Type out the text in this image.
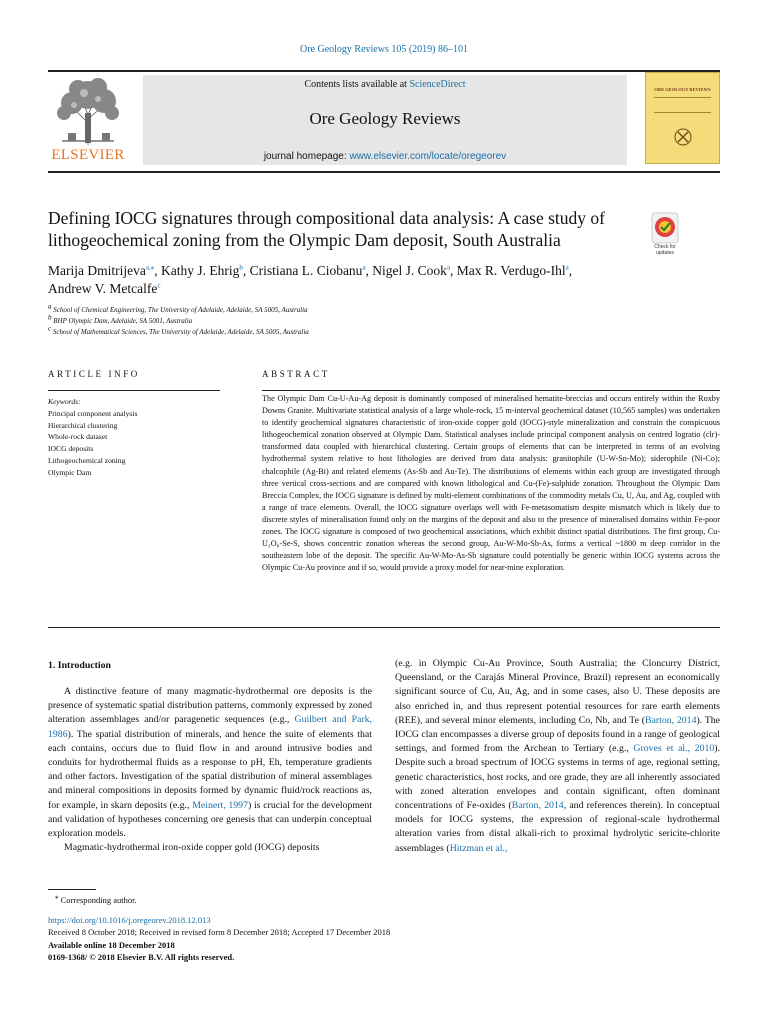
Ore Geology Reviews 105 (2019) 86–101
ELSEVIER
Contents lists available at ScienceDirect
Ore Geology Reviews
journal homepage: www.elsevier.com/locate/oregeorev
ORE GEOLOGY REVIEWS
Defining IOCG signatures through compositional data analysis: A case study of lithogeochemical zoning from the Olympic Dam deposit, South Australia	Check for updates
Marija Dmitrijeva$^{a,⁎}$, Kathy J. Ehrig$^b$, Cristiana L. Ciobanu$^a$, Nigel J. Cook$^a$, Max R. Verdugo-Ihl$^a$,
Andrew V. Metcalfe$^c$
$^a$ School of Chemical Engineering, The University of Adelaide, Adelaide, SA 5005, Australia
$^b$ BHP Olympic Dam, Adelaide, SA 5001, Australia
$^c$ School of Mathematical Sciences, The University of Adelaide, Adelaide, SA 5005, Australia
ARTICLE INFO	ABSTRACT
Keywords:
Principal component analysis
Hierarchical clustering
Whole-rock dataset
IOCG deposits
Lithogeochemical zoning
Olympic Dam
The Olympic Dam Cu-U-Au-Ag deposit is dominantly composed of mineralised hematite-breccias and occurs entirely within the Roxby Downs Granite. Multivariate statistical analysis of a large whole-rock, 15 m-interval geochemical dataset (10,565 samples) was undertaken to identify geochemical signatures characteristic of iron-oxide copper gold (IOCG)-style mineralization and constrain the conspicuous lithogeochemical zonation observed at Olympic Dam. Statistical analyses include principal component analysis on centred logratio (clr)-transformed data coupled with hierarchical clustering. Certain groups of elements that can be interpreted in terms of an evolving hydrothermal system relative to host lithologies are derived from data analysis: granitophile (U-W-Sn-Mo); siderophile (Ni-Co); chalcophile (Ag-Bi) and related elements (As-Sb and Au-Te). The distributions of elements within each group are investigated through three vertical cross-sections and are compared with known lithological and Cu-(Fe)-sulphide zonation. Throughout the Olympic Dam Breccia Complex, the IOCG signature is defined by multi-element combinations of the commodity metals Cu, U, Au, and Ag, coupled with a range of trace elements. Overall, the IOCG signature overlaps well with Fe-metasomatism despite mismatch which is likely due to discrete styles of mineralisation found only on the margins of the deposit and also to the presence of mineralised domains within Fe-poor zones. The IOCG signature is composed of two geochemical associations, which exhibit distinct spatial distributions. The first group, Cu-U₃O₈-Se-S, shows concentric zonation whereas the second group, Au-W-Mo-Sb-As, forms a vertical ~1800 m deep corridor in the southeastern lobe of the deposit. The specific Au-W-Mo-As-Sb signature could potentially be generic within IOCG systems across the Olympic Cu-Au province and if so, would provide a proxy model for near-mine exploration.
1. Introduction
A distinctive feature of many magmatic-hydrothermal ore deposits is the presence of systematic spatial distribution patterns, commonly expressed by zoned alteration assemblages and/or paragenetic sequences (e.g., Guilbert and Park, 1986). The spatial distribution of minerals, and hence the suite of elements that each contains, occurs due to fluid flow in and around intrusive bodies and conduits for hydrothermal fluids as a response to pH, Eh, temperature gradients and other factors. Investigation of the spatial distribution of mineral assemblages and mineral compositions in deposits formed by dynamic fluid/rock reactions as, for example, in skarn deposits (e.g., Meinert, 1997) is crucial for the development and validation of hypotheses concerning ore genesis that can underpin conceptual exploration models.
Magmatic-hydrothermal iron-oxide copper gold (IOCG) deposits
(e.g. in Olympic Cu-Au Province, South Australia; the Cloncurry District, Queensland, or the Carajás Mineral Province, Brazil) represent an economically significant source of Cu, Au, Ag, and in some cases, also U. These deposits are also enriched in, and thus represent potential resources for rare earth elements (REE), and several minor elements, including Co, Nb, and Te (Barton, 2014). The IOCG clan encompasses a diverse group of deposits found in a range of geological settings, and formed from the Archean to Tertiary (e.g., Groves et al., 2010). Despite such a broad spectrum of IOCG systems in terms of age, regional setting, genetic characteristics, host rocks, and ore grade, they are all inherently associated with zoned alteration envelopes and contain significant, often dominant concentrations of Fe-oxides (Barton, 2014, and references therein). In conceptual models for IOCG systems, the expression of regional-scale hydrothermal alteration varies from distal alkali-rich to proximal hydrolytic sericite-chlorite assemblages (Hitzman et al.,
⁎ Corresponding author.
https://doi.org/10.1016/j.oregeorev.2018.12.013
Received 8 October 2018; Received in revised form 8 December 2018; Accepted 17 December 2018
Available online 18 December 2018
0169-1368/ © 2018 Elsevier B.V. All rights reserved.
